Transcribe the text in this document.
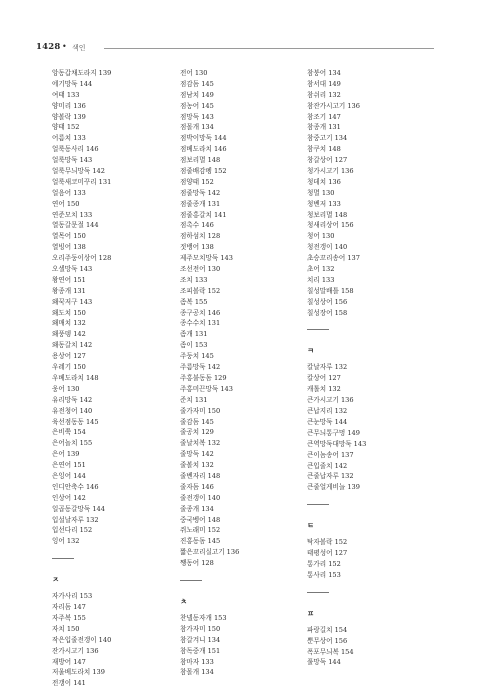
1428 • 색인
앙동갑채도라지 139
에기망둑 144
여태 133
양미리 136
양볼락 139
양태 152
어름치 133
얼룩동사리 146
얼룩망둑 143
얼룩무늬망둑 142
얼룩새코미꾸리 131
얼음어 133
연어 150
연준모치 133
열동갈문절 144
열목어 150
열빙어 138
오리주둥이상어 128
오셀망둑 143
왕연어 151
왕종개 131
왜꾹저구 143
왜도치 150
왜매치 132
왜풍뎅 142
왜동갈치 142
용상어 127
우레기 150
우베도라치 148
웅어 130
유리망둑 142
유전청어 140
육선점동동 145
은비쭉 154
은어놀치 155
은어 139
은연어 151
은잉어 144
인디안축수 146
인상어 142
일곱동갈망둑 144
입설날자루 132
입선다리 152
잉어 132
ㅈ
자가사리 153
자리돔 147
자주복 155
자치 150
작은입줄전갱이 140
잔가시고기 136
재방어 147
저울베도라치 139
전갱이 141
전어 130
점감돔 145
점남치 149
점농어 145
점망둑 143
점몰개 134
점박이망둑 144
점베도라치 146
점보리멸 148
점줄배감펭 152
점양태 152
점줄망둑 142
점줄종개 131
점줄홍갈치 141
점촉수 146
점하섬치 128
젓뱅어 138
제주모치망둑 143
조선전어 130
조치 133
조피볼락 152
좀복 155
종구공치 146
종수수치 131
좀개 131
좀이 153
주둥치 145
주름망둑 142
주홍불동돔 129
주홍미끈망둑 143
준치 131
줄가자미 150
줄감돔 145
줄공치 129
줄날치복 132
줄망둑 142
줄볼치 132
줄벤자리 148
줄자돔 146
줄전갱이 140
줄종개 134
중국벵어 148
쥐노래미 152
진홍동돔 145
짧은꼬리실고기 136
쨍동어 128
ㅊ
찬넬동자개 153
참가자미 150
참갈겨니 134
참독중개 151
참마자 133
참몰개 134
참붕어 134
참서대 149
참쉬리 132
참잔가시고기 136
참조기 147
참종개 131
참중고기 134
참쿠치 148
창갈상어 127
청가시고기 136
청데치 136
청멸 130
청벤저 133
청보리멸 148
청새리상어 156
청어 130
청전갱이 140
초승꼬리송어 137
초어 132
치리 133
칠성말배틀 158
칠성상어 156
칠성장어 158
ㅋ
칼날자루 132
칼상어 127
캐톨치 132
큰가시고기 136
큰납지리 132
큰눈망둑 144
큰무늬통구멍 149
큰역망둑대망둑 143
큰이놈송어 137
큰입줄치 142
큰줄납자루 132
큰줄얼게비늘 139
ㅌ
탁자볼락 152
태평성어 127
통가리 152
통사리 153
ㅍ
파랑길치 154
뿐무상어 156
폭포무늬복 154
풀망둑 144
